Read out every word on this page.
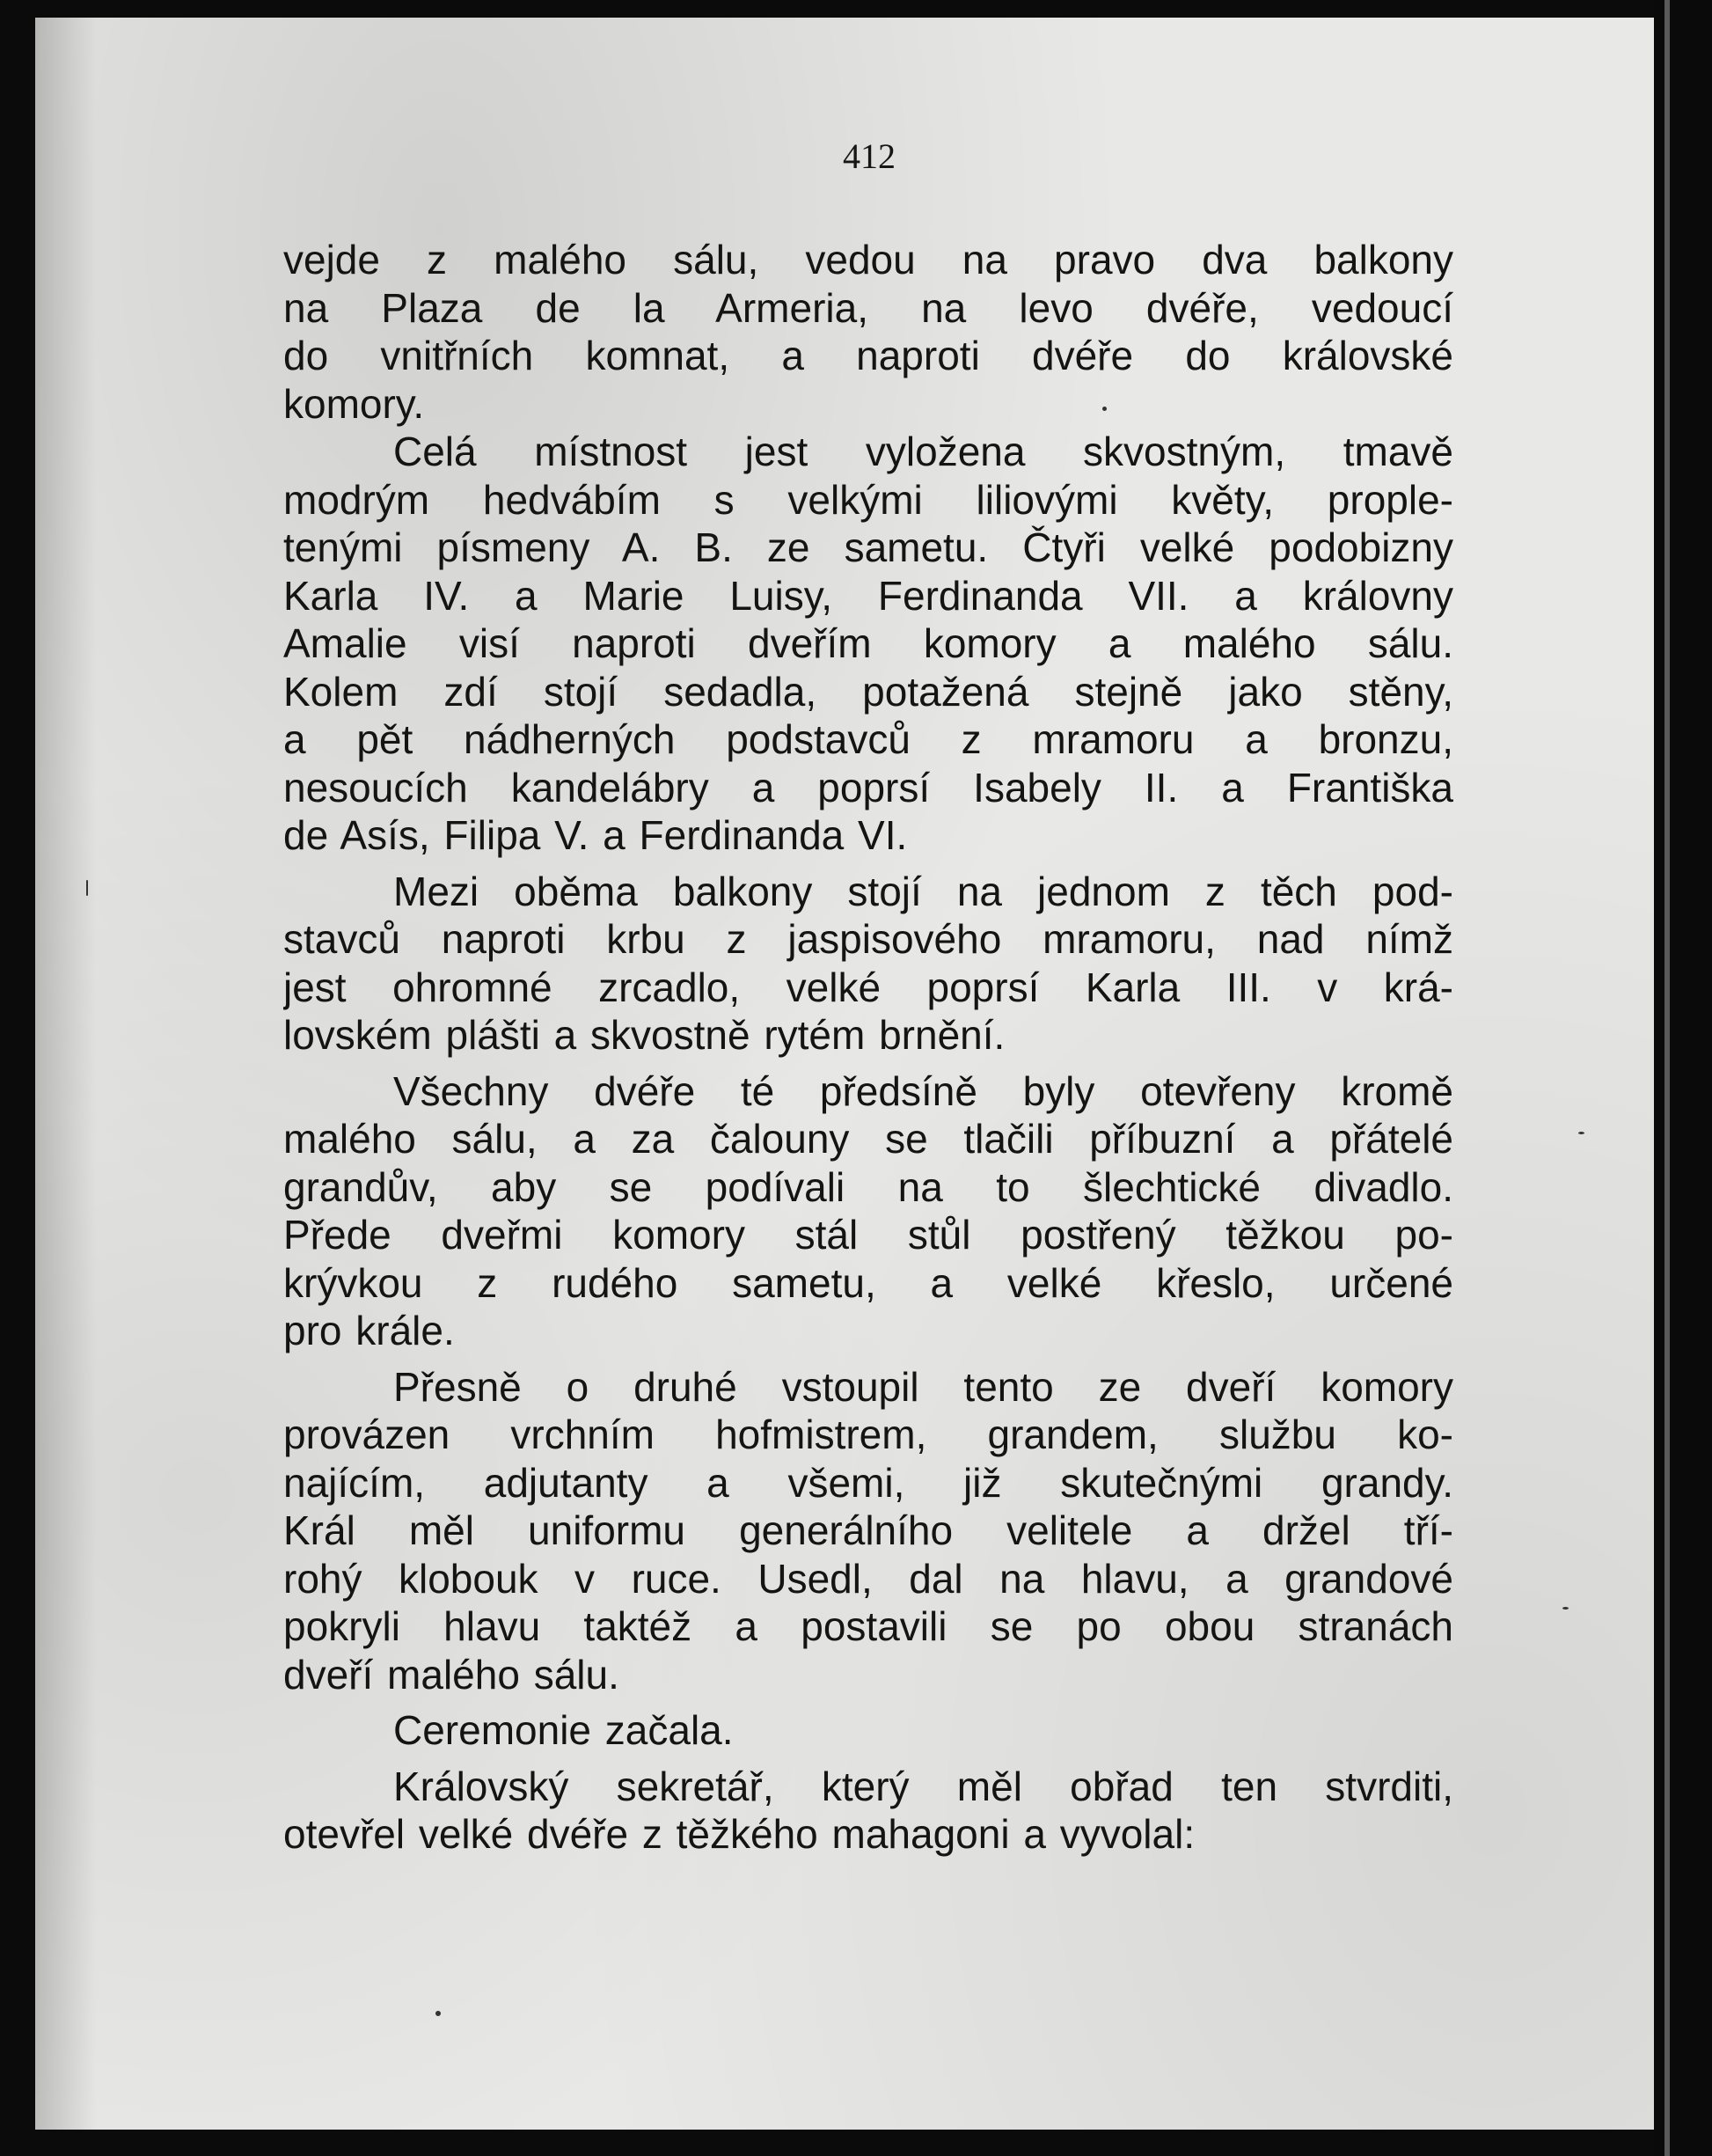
412
vejde z malého sálu, vedou na pravo dva balkony
na Plaza de la Armeria, na levo dvéře, vedoucí
do vnitřních komnat, a naproti dvéře do královské
komory.
Celá místnost jest vyložena skvostným, tmavě
modrým hedvábím s velkými liliovými květy, prople-
tenými písmeny A. B. ze sametu. Čtyři velké podobizny
Karla IV. a Marie Luisy, Ferdinanda VII. a královny
Amalie visí naproti dveřím komory a malého sálu.
Kolem zdí stojí sedadla, potažená stejně jako stěny,
a pět nádherných podstavců z mramoru a bronzu,
nesoucích kandelábry a poprsí Isabely II. a Františka
de Asís, Filipa V. a Ferdinanda VI.
Mezi oběma balkony stojí na jednom z těch pod-
stavců naproti krbu z jaspisového mramoru, nad nímž
jest ohromné zrcadlo, velké poprsí Karla III. v krá-
lovském plášti a skvostně rytém brnění.
Všechny dvéře té předsíně byly otevřeny kromě
malého sálu, a za čalouny se tlačili příbuzní a přátelé
grandův, aby se podívali na to šlechtické divadlo.
Přede dveřmi komory stál stůl postřený těžkou po-
krývkou z rudého sametu, a velké křeslo, určené
pro krále.
Přesně o druhé vstoupil tento ze dveří komory
provázen vrchním hofmistrem, grandem, službu ko-
najícím, adjutanty a všemi, již skutečnými grandy.
Král měl uniformu generálního velitele a držel tří-
rohý klobouk v ruce. Usedl, dal na hlavu, a grandové
pokryli hlavu taktéž a postavili se po obou stranách
dveří malého sálu.
Ceremonie začala.
Královský sekretář, který měl obřad ten stvrditi,
otevřel velké dvéře z těžkého mahagoni a vyvolal:
